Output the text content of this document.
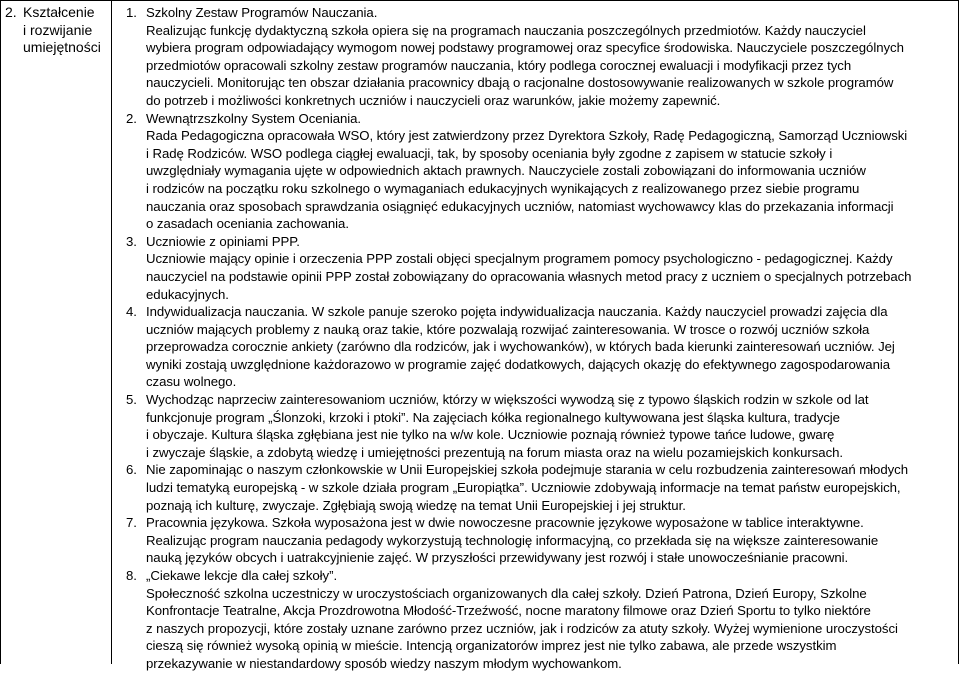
2. Kształcenie
i rozwijanie
umiejętności
1. Szkolny Zestaw Programów Nauczania.
Realizując funkcję dydaktyczną szkoła opiera się na programach nauczania poszczególnych przedmiotów. Każdy nauczyciel
wybiera program odpowiadający wymogom nowej podstawy programowej oraz specyfice środowiska. Nauczyciele poszczególnych
przedmiotów opracowali szkolny zestaw programów nauczania, który podlega corocznej ewaluacji i modyfikacji przez tych
nauczycieli. Monitorując ten obszar działania pracownicy dbają o racjonalne dostosowywanie realizowanych w szkole programów
do potrzeb i możliwości konkretnych uczniów i nauczycieli oraz warunków, jakie możemy zapewnić.
2. Wewnątrzszkolny System Oceniania.
Rada Pedagogiczna opracowała WSO, który jest zatwierdzony przez Dyrektora Szkoły, Radę Pedagogiczną, Samorząd Uczniowski
i Radę Rodziców. WSO podlega ciągłej ewaluacji, tak, by sposoby oceniania były zgodne z zapisem w statucie szkoły i
uwzględniały wymagania ujęte w odpowiednich aktach prawnych. Nauczyciele zostali zobowiązani do informowania uczniów
i rodziców na początku roku szkolnego o wymaganiach edukacyjnych wynikających z realizowanego przez siebie programu
nauczania oraz sposobach sprawdzania osiągnięć edukacyjnych uczniów, natomiast wychowawcy klas do przekazania informacji
o zasadach oceniania zachowania.
3. Uczniowie z opiniami PPP.
Uczniowie mający opinie i orzeczenia PPP zostali objęci specjalnym programem pomocy psychologiczno - pedagogicznej. Każdy
nauczyciel na podstawie opinii PPP został zobowiązany do opracowania własnych metod pracy z uczniem o specjalnych potrzebach
edukacyjnych.
4. Indywidualizacja nauczania. W szkole panuje szeroko pojęta indywidualizacja nauczania. Każdy nauczyciel prowadzi zajęcia dla
uczniów mających problemy z nauką oraz takie, które pozwalają rozwijać zainteresowania. W trosce o rozwój uczniów szkoła
przeprowadza corocznie ankiety (zarówno dla rodziców, jak i wychowanków), w których bada kierunki zainteresowań uczniów. Jej
wyniki zostają uwzględnione każdorazowo w programie zajęć dodatkowych, dających okazję do efektywnego zagospodarowania
czasu wolnego.
5. Wychodząc naprzeciw zainteresowaniom uczniów, którzy w większości wywodzą się z typowo śląskich rodzin w szkole od lat
funkcjonuje program „Ślonzoki, krzoki i ptoki”. Na zajęciach kółka regionalnego kultywowana jest śląska kultura, tradycje
i obyczaje. Kultura śląska zgłębiana jest nie tylko na w/w kole. Uczniowie poznają również typowe tańce ludowe, gwarę
i zwyczaje śląskie, a zdobytą wiedzę i umiejętności prezentują na forum miasta oraz na wielu pozamiejskich konkursach.
6. Nie zapominając o naszym członkowskie w Unii Europejskiej szkoła podejmuje starania w celu rozbudzenia zainteresowań młodych
ludzi tematyką europejską - w szkole działa program „Europiątka”. Uczniowie zdobywają informacje na temat państw europejskich,
poznają ich kulturę, zwyczaje. Zgłębiają swoją wiedzę na temat Unii Europejskiej i jej struktur.
7. Pracownia językowa. Szkoła wyposażona jest w dwie nowoczesne pracownie językowe wyposażone w tablice interaktywne.
Realizując program nauczania pedagody wykorzystują technologię informacyjną, co przekłada się na większe zainteresowanie
nauką języków obcych i uatrakcyjnienie zajęć. W przyszłości przewidywany jest rozwój i stałe unowocześnianie pracowni.
8. „Ciekawe lekcje dla całej szkoły”.
Społeczność szkolna uczestniczy w uroczystościach organizowanych dla całej szkoły. Dzień Patrona, Dzień Europy, Szkolne
Konfrontacje Teatralne, Akcja Prozdrowotna Młodość-Trzeźwość, nocne maratony filmowe oraz Dzień Sportu to tylko niektóre
z naszych propozycji, które zostały uznane zarówno przez uczniów, jak i rodziców za atuty szkoły. Wyżej wymienione uroczystości
cieszą się również wysoką opinią w mieście. Intencją organizatorów imprez jest nie tylko zabawa, ale przede wszystkim
przekazywanie w niestandardowy sposób wiedzy naszym młodym wychowankom.
